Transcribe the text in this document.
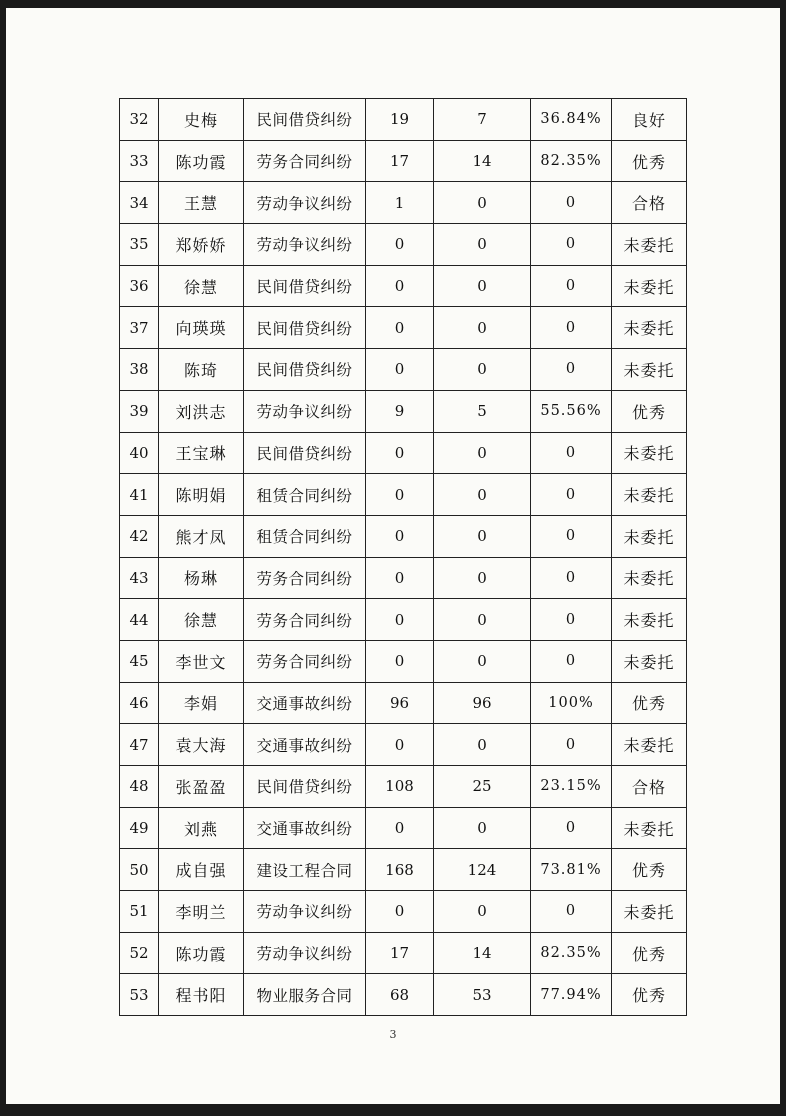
32	史梅	民间借贷纠纷	19	7	36.84%	良好
33	陈功霞	劳务合同纠纷	17	14	82.35%	优秀
34	王慧	劳动争议纠纷	1	0	0	合格
35	郑娇娇	劳动争议纠纷	0	0	0	未委托
36	徐慧	民间借贷纠纷	0	0	0	未委托
37	向瑛瑛	民间借贷纠纷	0	0	0	未委托
38	陈琦	民间借贷纠纷	0	0	0	未委托
39	刘洪志	劳动争议纠纷	9	5	55.56%	优秀
40	王宝琳	民间借贷纠纷	0	0	0	未委托
41	陈明娟	租赁合同纠纷	0	0	0	未委托
42	熊才凤	租赁合同纠纷	0	0	0	未委托
43	杨琳	劳务合同纠纷	0	0	0	未委托
44	徐慧	劳务合同纠纷	0	0	0	未委托
45	李世文	劳务合同纠纷	0	0	0	未委托
46	李娟	交通事故纠纷	96	96	100%	优秀
47	袁大海	交通事故纠纷	0	0	0	未委托
48	张盈盈	民间借贷纠纷	108	25	23.15%	合格
49	刘燕	交通事故纠纷	0	0	0	未委托
50	成自强	建设工程合同	168	124	73.81%	优秀
51	李明兰	劳动争议纠纷	0	0	0	未委托
52	陈功霞	劳动争议纠纷	17	14	82.35%	优秀
53	程书阳	物业服务合同	68	53	77.94%	优秀
3
